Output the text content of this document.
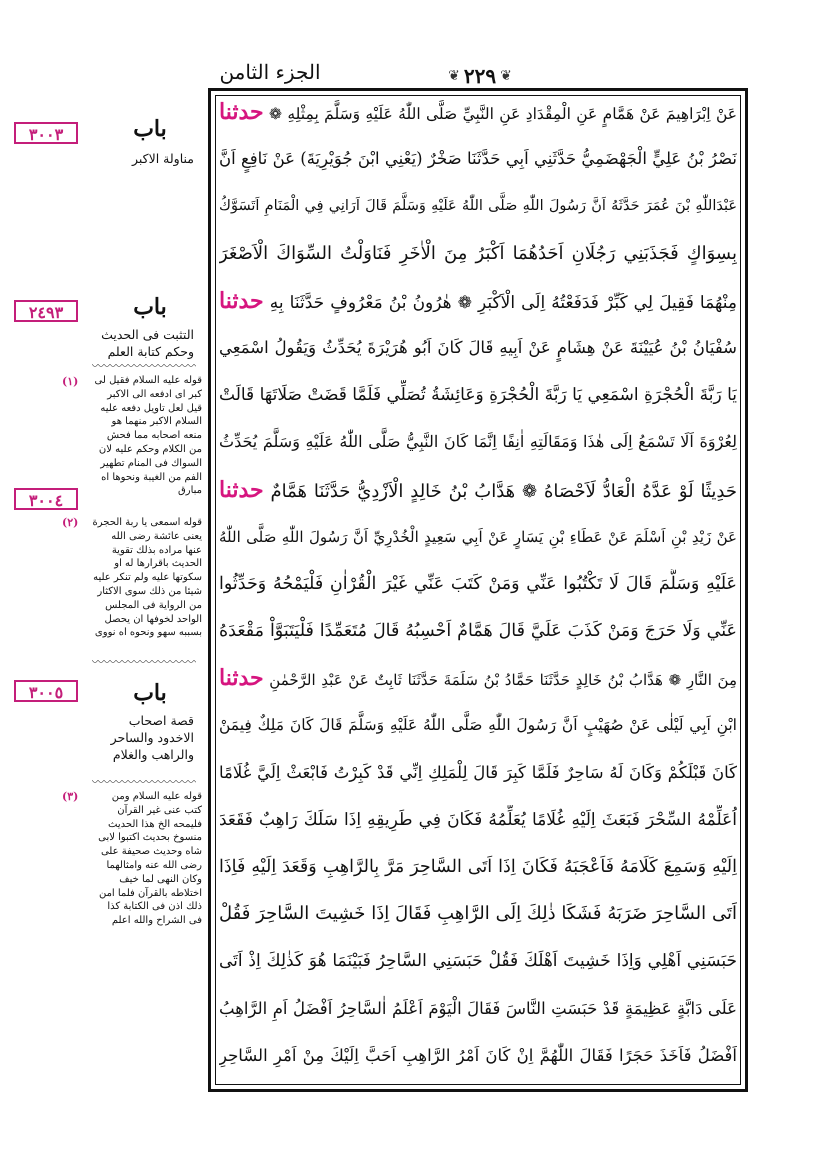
الجزء الثامن	❦
٢٢٩
❦
عَنْ اِبْرَاهِيمَ عَنْ هَمَّامٍ عَنِ الْمِقْدَادِ عَنِ النَّبِيِّ صَلَّى اللّٰهُ عَلَيْهِ وَسَلَّمَ بِمِثْلِهِ ❁ حدثنا
نَصْرُ بْنُ عَلِيٍّ الْجَهْضَمِيُّ حَدَّثَنِي اَبِي حَدَّثَنَا صَخْرٌ (يَعْنِي ابْنَ جُوَيْرِيَةَ) عَنْ نَافِعٍ اَنَّ
عَبْدَاللّٰهِ بْنَ عُمَرَ حَدَّثَهُ اَنَّ رَسُولَ اللّٰهِ صَلَّى اللّٰهُ عَلَيْهِ وَسَلَّمَ قَالَ اَرَانِي فِي الْمَنَامِ اَتَسَوَّكُ
بِسِوَاكٍ فَجَذَبَنِي رَجُلَانِ اَحَدُهُمَا اَكْبَرُ مِنَ الْاٰخَرِ فَنَاوَلْتُ السِّوَاكَ الْاَصْغَرَ
مِنْهُمَا فَقِيلَ لِي كَبِّرْ فَدَفَعْتُهُ اِلَى الْاَكْبَرِ ❁ هٰرُونُ بْنُ مَعْرُوفٍ حَدَّثَنَا بِهِ حدثنا
سُفْيَانُ بْنُ عُيَيْنَةَ عَنْ هِشَامٍ عَنْ اَبِيهِ قَالَ كَانَ اَبُو هُرَيْرَةَ يُحَدِّثُ وَيَقُولُ اسْمَعِي
يَا رَبَّةَ الْحُجْرَةِ اسْمَعِي يَا رَبَّةَ الْحُجْرَةِ وَعَائِشَةُ تُصَلِّي فَلَمَّا قَضَتْ صَلَاتَهَا قَالَتْ
لِعُرْوَةَ اَلَا تَسْمَعُ اِلَى هٰذَا وَمَقَالَتِهِ اٰنِفًا اِنَّمَا كَانَ النَّبِيُّ صَلَّى اللّٰهُ عَلَيْهِ وَسَلَّمَ يُحَدِّثُ
حَدِيثًا لَوْ عَدَّهُ الْعَادُّ لَاَحْصَاهُ ❁ هَدَّابُ بْنُ خَالِدٍ الْاَزْدِيُّ حَدَّثَنَا هَمَّامٌ حدثنا
عَنْ زَيْدِ بْنِ اَسْلَمَ عَنْ عَطَاءِ بْنِ يَسَارٍ عَنْ اَبِي سَعِيدٍ الْخُدْرِيِّ اَنَّ رَسُولَ اللّٰهِ صَلَّى اللّٰهُ
عَلَيْهِ وَسَلَّمَ قَالَ لَا تَكْتُبُوا عَنِّي وَمَنْ كَتَبَ عَنِّي غَيْرَ الْقُرْاٰنِ فَلْيَمْحُهُ وَحَدِّثُوا
عَنِّي وَلَا حَرَجَ وَمَنْ كَذَبَ عَلَيَّ قَالَ هَمَّامٌ اَحْسِبُهُ قَالَ مُتَعَمِّدًا فَلْيَتَبَوَّاْ مَقْعَدَهُ
مِنَ النَّارِ ❁ هَدَّابُ بْنُ خَالِدٍ حَدَّثَنَا حَمَّادُ بْنُ سَلَمَةَ حَدَّثَنَا ثَابِتٌ عَنْ عَبْدِ الرَّحْمٰنِ حدثنا
ابْنِ اَبِي لَيْلٰى عَنْ صُهَيْبٍ اَنَّ رَسُولَ اللّٰهِ صَلَّى اللّٰهُ عَلَيْهِ وَسَلَّمَ قَالَ كَانَ مَلِكٌ فِيمَنْ
كَانَ قَبْلَكُمْ وَكَانَ لَهُ سَاحِرٌ فَلَمَّا كَبِرَ قَالَ لِلْمَلِكِ اِنِّي قَدْ كَبِرْتُ فَابْعَثْ اِلَيَّ غُلَامًا
اُعَلِّمْهُ السِّحْرَ فَبَعَثَ اِلَيْهِ غُلَامًا يُعَلِّمُهُ فَكَانَ فِي طَرِيقِهِ اِذَا سَلَكَ رَاهِبٌ فَقَعَدَ
اِلَيْهِ وَسَمِعَ كَلَامَهُ فَاَعْجَبَهُ فَكَانَ اِذَا اَتَى السَّاحِرَ مَرَّ بِالرَّاهِبِ وَقَعَدَ اِلَيْهِ فَاِذَا
اَتَى السَّاحِرَ ضَرَبَهُ فَشَكَا ذٰلِكَ اِلَى الرَّاهِبِ فَقَالَ اِذَا خَشِيتَ السَّاحِرَ فَقُلْ
حَبَسَنِي اَهْلِي وَاِذَا خَشِيتَ اَهْلَكَ فَقُلْ حَبَسَنِي السَّاحِرُ فَبَيْنَمَا هُوَ كَذٰلِكَ اِذْ اَتَى
عَلَى دَابَّةٍ عَظِيمَةٍ قَدْ حَبَسَتِ النَّاسَ فَقَالَ الْيَوْمَ اَعْلَمُ اٰلسَّاحِرُ اَفْضَلُ اَمِ الرَّاهِبُ
اَفْضَلُ فَاَخَذَ حَجَرًا فَقَالَ اللّٰهُمَّ اِنْ كَانَ اَمْرُ الرَّاهِبِ اَحَبَّ اِلَيْكَ مِنْ اَمْرِ السَّاحِرِ
٣٠٠٣	باب
مناولة الاكبر
٢٤٩٣	باب
التثبت فى الحديث وحكم كتابة العلم
(١) قوله عليه السلام فقيل لى كبر اى ادفعه الى الاكبر قيل لعل تاويل دفعه عليه السلام الاكبر منهما هو منعه اصحابه مما فحش من الكلام وحكم عليه لان السواك فى المنام تطهير الفم من الغيبة ونحوها اه مبارق
٣٠٠٤
(٢) قوله اسمعى يا ربة الحجرة يعنى عائشة رضى الله عنها مراده بذلك تقوية الحديث باقرارها له او سكوتها عليه ولم تنكر عليه شيئا من ذلك سوى الاكثار من الرواية فى المجلس الواحد لخوفها ان يحصل بسببه سهو ونحوه اه نووى
٣٠٠٥	باب
قصة اصحاب الاخدود والساحر والراهب والغلام
(٣)	قوله عليه السلام ومن كتب عنى غير القرآن فليمحه الخ هذا الحديث منسوخ بحديث اكتبوا لابى شاه وحديث صحيفة على رضى الله عنه وامثالهما وكان النهى لما خيف اختلاطه بالقرآن فلما امن ذلك اذن فى الكتابة كذا فى الشراح والله اعلم
